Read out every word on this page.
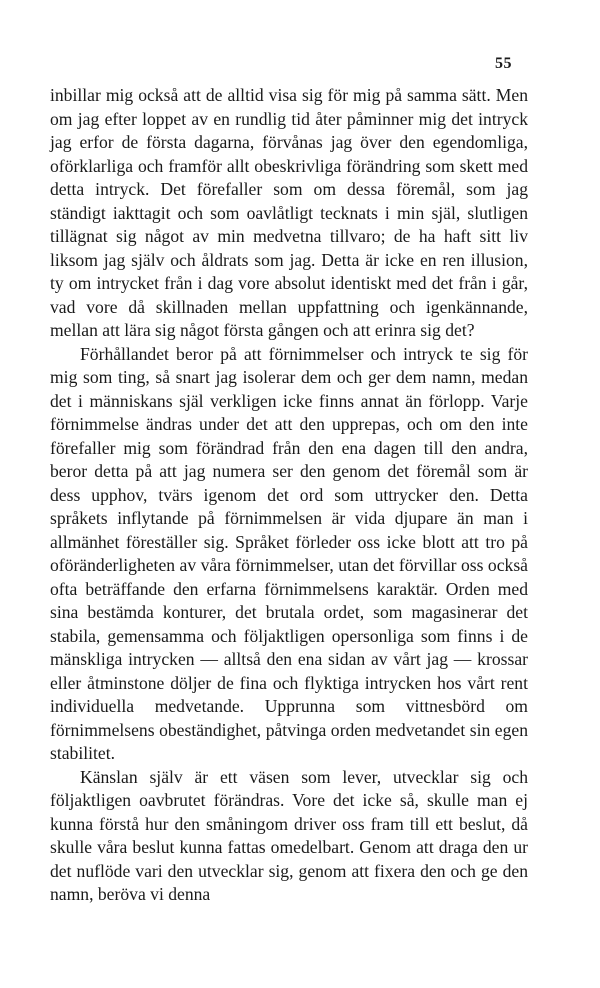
55

inbillar mig också att de alltid visa sig för mig på samma sätt. Men om jag efter loppet av en rundlig tid åter påminner mig det intryck jag erfor de första dagarna, förvånas jag över den egendomliga, oförklarliga och framför allt obeskrivliga förändring som skett med detta intryck. Det förefaller som om dessa föremål, som jag ständigt iakttagit och som oavlåtligt tecknats i min själ, slutligen tillägnat sig något av min medvetna tillvaro; de ha haft sitt liv liksom jag själv och åldrats som jag. Detta är icke en ren illusion, ty om intrycket från i dag vore absolut identiskt med det från i går, vad vore då skillnaden mellan uppfattning och igenkännande, mellan att lära sig något första gången och att erinra sig det?

Förhållandet beror på att förnimmelser och intryck te sig för mig som ting, så snart jag isolerar dem och ger dem namn, medan det i människans själ verkligen icke finns annat än förlopp. Varje förnimmelse ändras under det att den upprepas, och om den inte förefaller mig som förändrad från den ena dagen till den andra, beror detta på att jag numera ser den genom det föremål som är dess upphov, tvärs igenom det ord som uttrycker den. Detta språkets inflytande på förnimmelsen är vida djupare än man i allmänhet föreställer sig. Språket förleder oss icke blott att tro på oföränderligheten av våra förnimmelser, utan det förvillar oss också ofta beträffande den erfarna förnimmelsens karaktär. Orden med sina bestämda konturer, det brutala ordet, som magasinerar det stabila, gemensamma och följaktligen opersonliga som finns i de mänskliga intrycken — alltså den ena sidan av vårt jag — krossar eller åtminstone döljer de fina och flyktiga intrycken hos vårt rent individuella medvetande. Upprunna som vittnesbörd om förnimmelsens obeständighet, påtvinga orden medvetandet sin egen stabilitet.

Känslan själv är ett väsen som lever, utvecklar sig och följaktligen oavbrutet förändras. Vore det icke så, skulle man ej kunna förstå hur den småningom driver oss fram till ett beslut, då skulle våra beslut kunna fattas omedelbart. Genom att draga den ur det nuflöde vari den utvecklar sig, genom att fixera den och ge den namn, beröva vi denna
